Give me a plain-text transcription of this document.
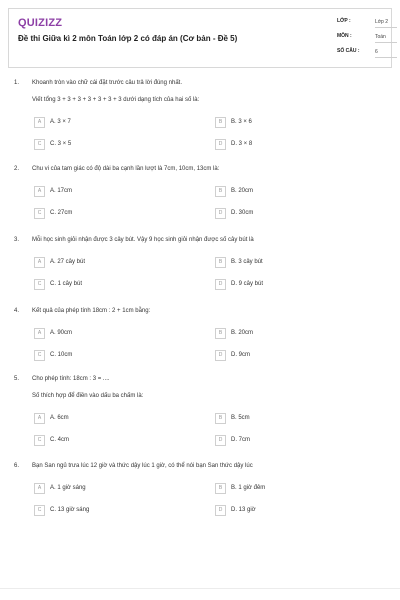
QUIZIZZ
Đề thi Giữa kì 2 môn Toán lớp 2 có đáp án (Cơ bản - Đề 5)
LỚP :	Lớp 2
MÔN :	Toán
SỐ CÂU :	6
1. Khoanh tròn vào chữ cái đặt trước câu trả lời đúng nhất.
Viết tổng 3 + 3 + 3 + 3 + 3 + 3 + 3 dưới dạng tích của hai số là:
A	A. 3 × 7	B	B. 3 × 6
C	C. 3 × 5	D	D. 3 × 8
2. Chu vi của tam giác có độ dài ba cạnh lần lượt là 7cm, 10cm, 13cm là:
A	A. 17cm	B	B. 20cm
C	C. 27cm	D	D. 30cm
3. Mỗi học sinh giỏi nhận được 3 cây bút. Vậy 9 học sinh giỏi nhận được số cây bút là
A	A. 27 cây bút	B	B. 3 cây bút
C	C. 1 cây bút	D	D. 9 cây bút
4. Kết quả của phép tính 18cm : 2 + 1cm bằng:
A	A. 90cm	B	B. 20cm
C	C. 10cm	D	D. 9cm
5. Cho phép tính: 18cm : 3 = ....
Số thích hợp để điền vào dấu ba chấm là:
A	A. 6cm	B	B. 5cm
C	C. 4cm	D	D. 7cm
6. Bạn San ngủ trưa lúc 12 giờ và thức dậy lúc 1 giờ, có thể nói bạn San thức dậy lúc
A	A. 1 giờ sáng	B	B. 1 giờ đêm
C	C. 13 giờ sáng	D	D. 13 giờ
